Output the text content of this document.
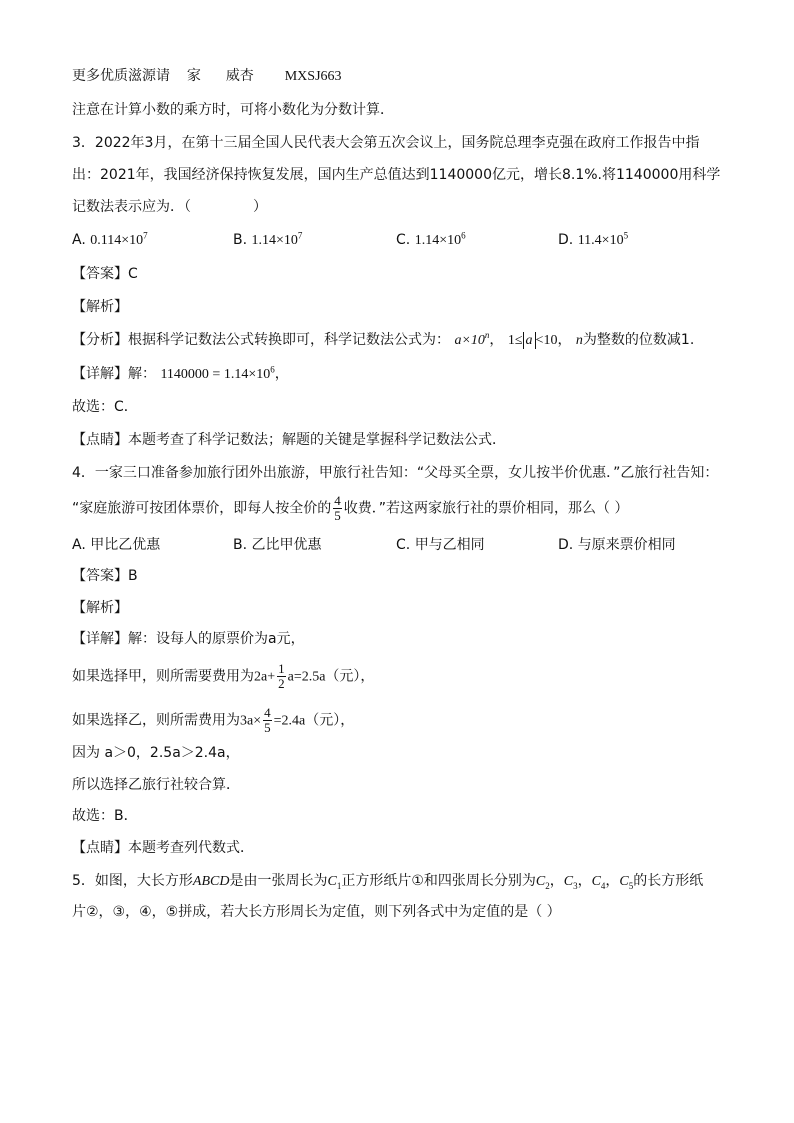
更多优质滋源请 家 威杏 MXSJ663
注意在计算小数的乘方时，可将小数化为分数计算．
3．2022年3月，在第十三届全国人民代表大会第五次会议上，国务院总理李克强在政府工作报告中指
出：2021年，我国经济保持恢复发展，国内生产总值达到1140000亿元，增长8.1%.将1140000用科学
记数法表示应为．（	）
A. $0.114\times 10^7$	B. $1.14\times 10^7$	C. $1.14\times 10^6$	D. $11.4\times 10^5$
【答案】C
【解析】
【分析】根据科学记数法公式转换即可，科学记数法公式为： $a\times 10^n$， 1≤ a <10， n为整数的位数减1.
【详解】解： $1140000 = 1.14\times 10^6$，
故选：C．
【点睛】本题考查了科学记数法；解题的关键是掌握科学记数法公式．
4．一家三口准备参加旅行团外出旅游，甲旅行社告知：“父母买全票，女儿按半价优惠．”乙旅行社告知：
“家庭旅游可按团体票价，即每人按全价的 $\frac{4}{5}$ 收费．”若这两家旅行社的票价相同，那么（ ）
A. 甲比乙优惠	B. 乙比甲优惠	C. 甲与乙相同	D. 与原来票价相同
【答案】B
【解析】
【详解】解：设每人的原票价为a元，
如果选择甲，则所需要费用为$2a+ \frac{1}{2} a=2.5a$（元），
如果选择乙，则所需费用为$3a\times \frac{4}{5} =2.4a$（元），
因为 a＞0，2.5a＞2.4a，
所以选择乙旅行社较合算．
故选：B．
【点睛】本题考查列代数式．
5．如图，大长方形ABCD是由一张周长为$C_1$正方形纸片①和四张周长分别为$C_2$，$C_3$，$C_4$，$C_5$的长方形纸
片②，③，④，⑤拼成，若大长方形周长为定值，则下列各式中为定值的是（ ）
